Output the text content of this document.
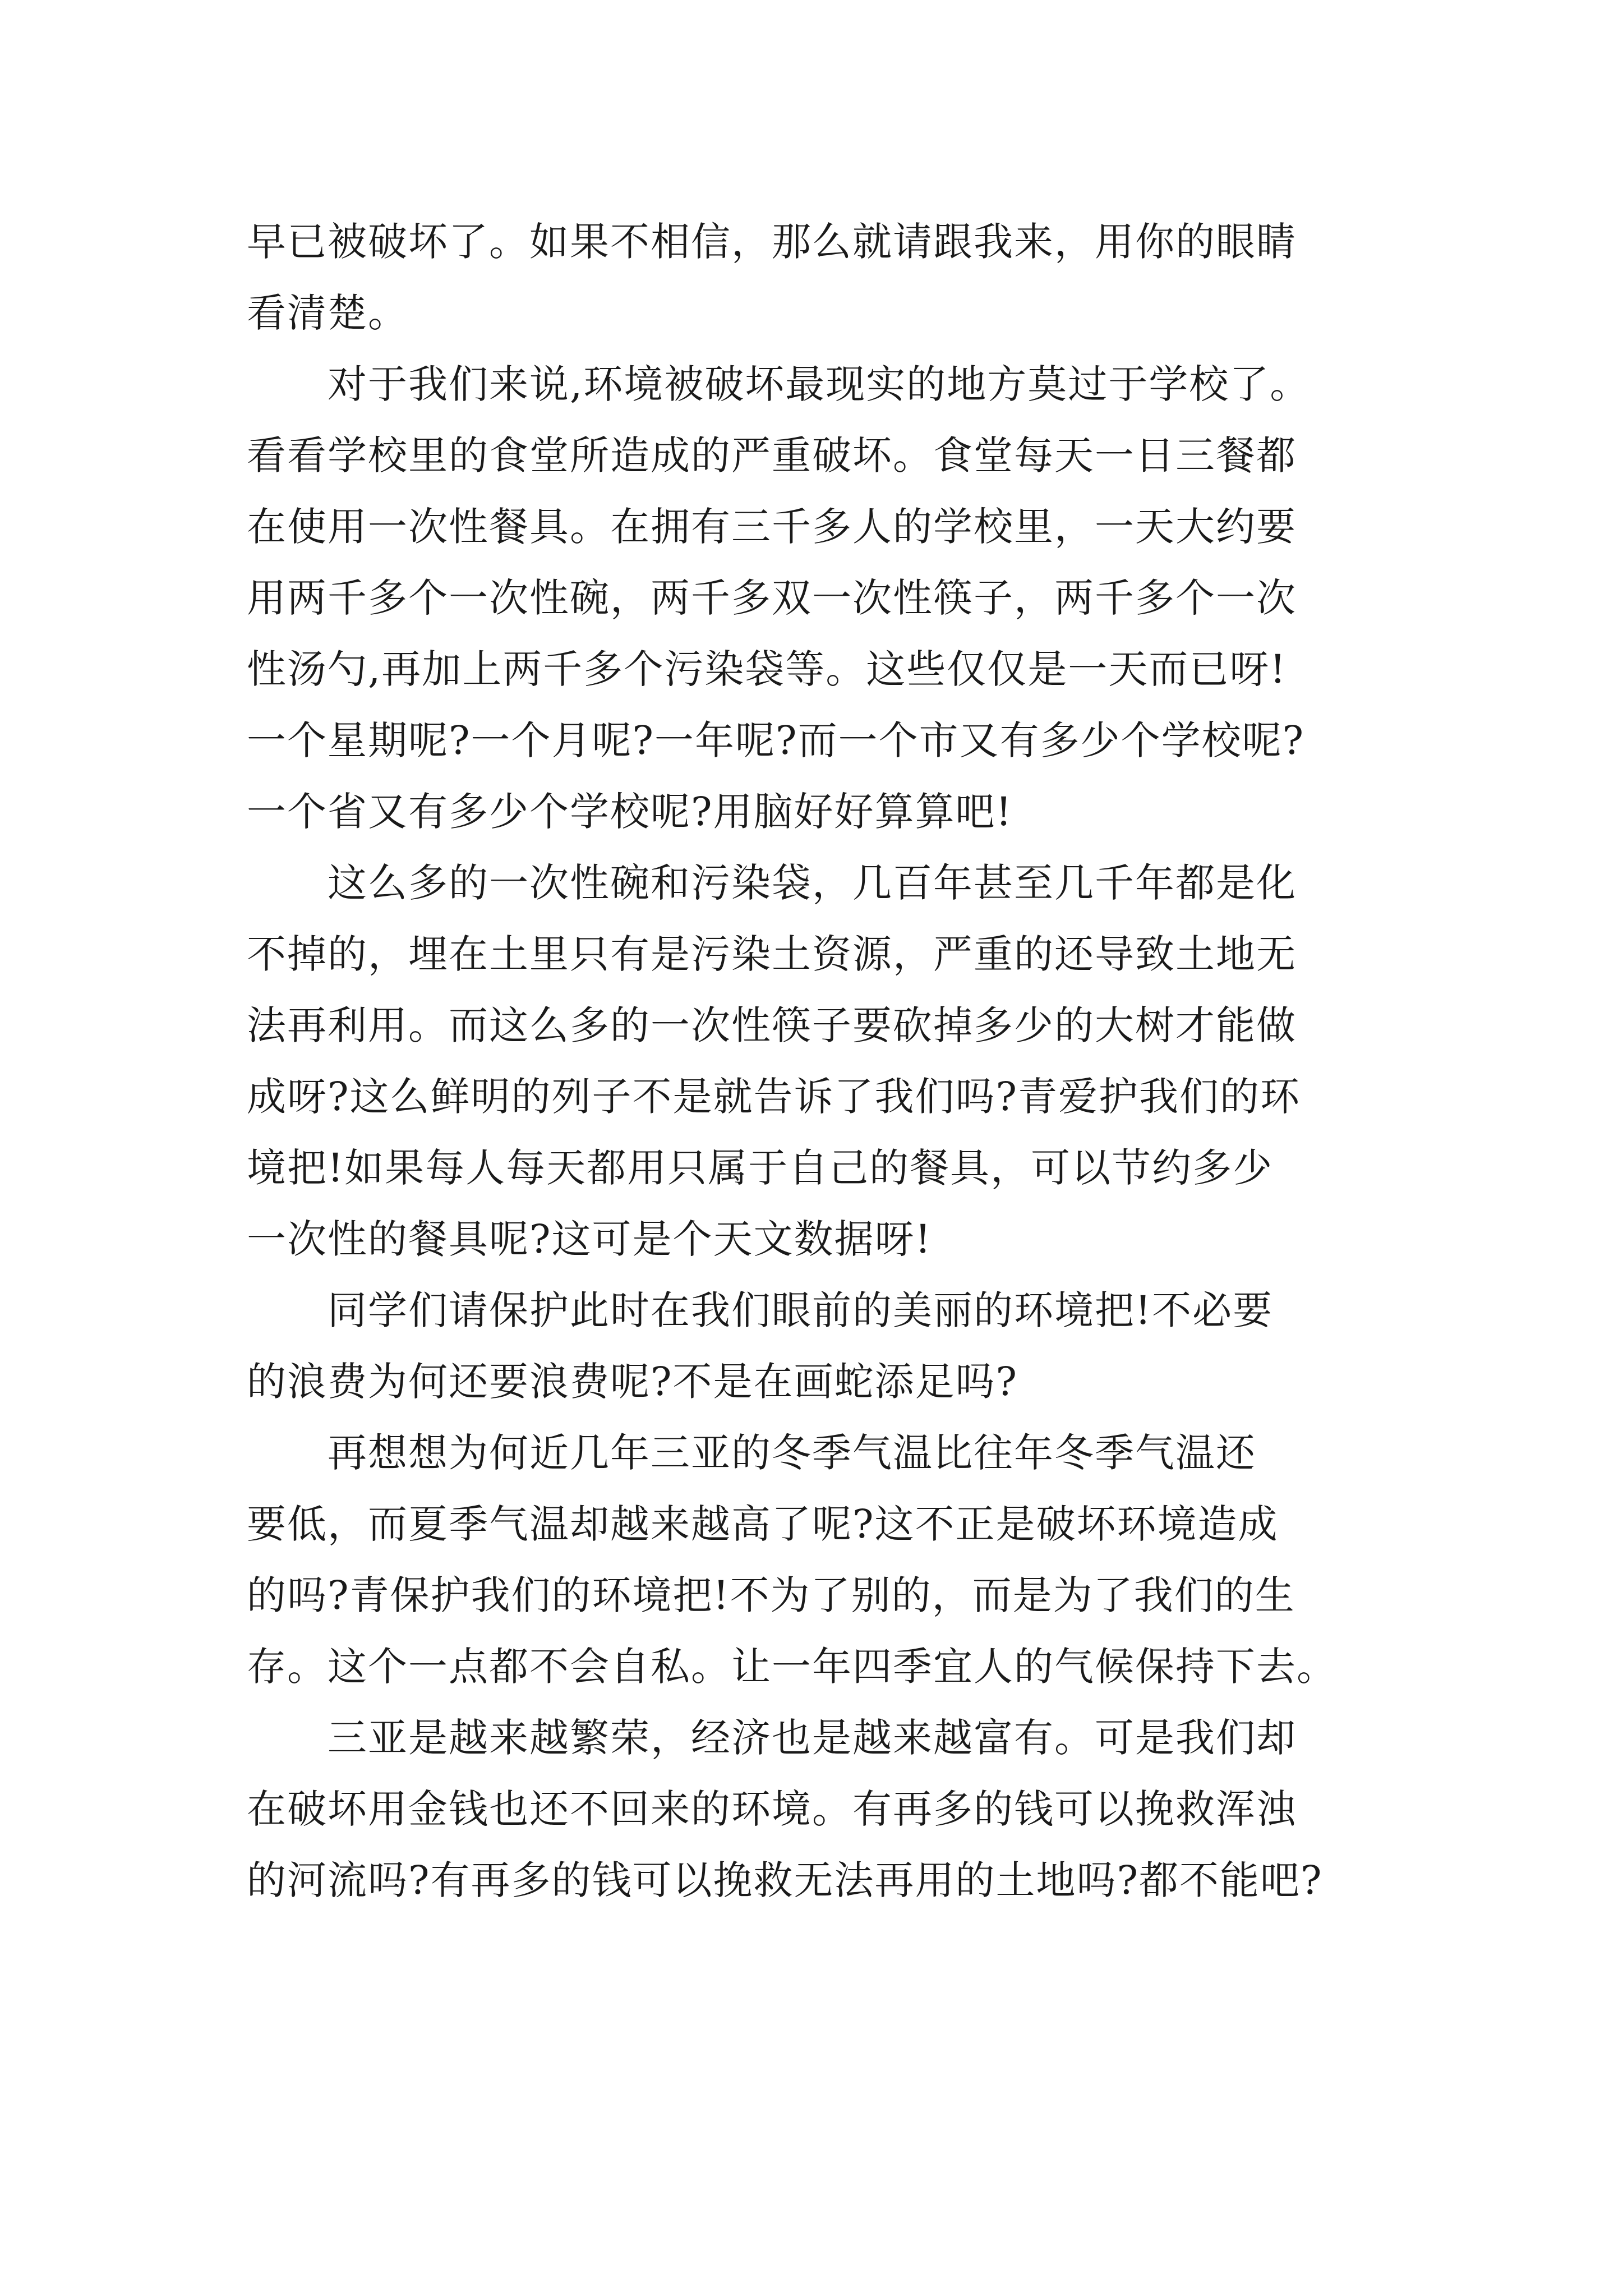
早已被破坏了。如果不相信，那么就请跟我来，用你的眼睛
看清楚。
　　对于我们来说,环境被破坏最现实的地方莫过于学校了。
看看学校里的食堂所造成的严重破坏。食堂每天一日三餐都
在使用一次性餐具。在拥有三千多人的学校里，一天大约要
用两千多个一次性碗，两千多双一次性筷子，两千多个一次
性汤勺,再加上两千多个污染袋等。这些仅仅是一天而已呀!
一个星期呢?一个月呢?一年呢?而一个市又有多少个学校呢?
一个省又有多少个学校呢?用脑好好算算吧!
　　这么多的一次性碗和污染袋，几百年甚至几千年都是化
不掉的，埋在土里只有是污染土资源，严重的还导致土地无
法再利用。而这么多的一次性筷子要砍掉多少的大树才能做
成呀?这么鲜明的列子不是就告诉了我们吗?青爱护我们的环
境把!如果每人每天都用只属于自己的餐具，可以节约多少
一次性的餐具呢?这可是个天文数据呀!
　　同学们请保护此时在我们眼前的美丽的环境把!不必要
的浪费为何还要浪费呢?不是在画蛇添足吗?
　　再想想为何近几年三亚的冬季气温比往年冬季气温还
要低，而夏季气温却越来越高了呢?这不正是破坏环境造成
的吗?青保护我们的环境把!不为了别的，而是为了我们的生
存。这个一点都不会自私。让一年四季宜人的气候保持下去。
　　三亚是越来越繁荣，经济也是越来越富有。可是我们却
在破坏用金钱也还不回来的环境。有再多的钱可以挽救浑浊
的河流吗?有再多的钱可以挽救无法再用的土地吗?都不能吧?
